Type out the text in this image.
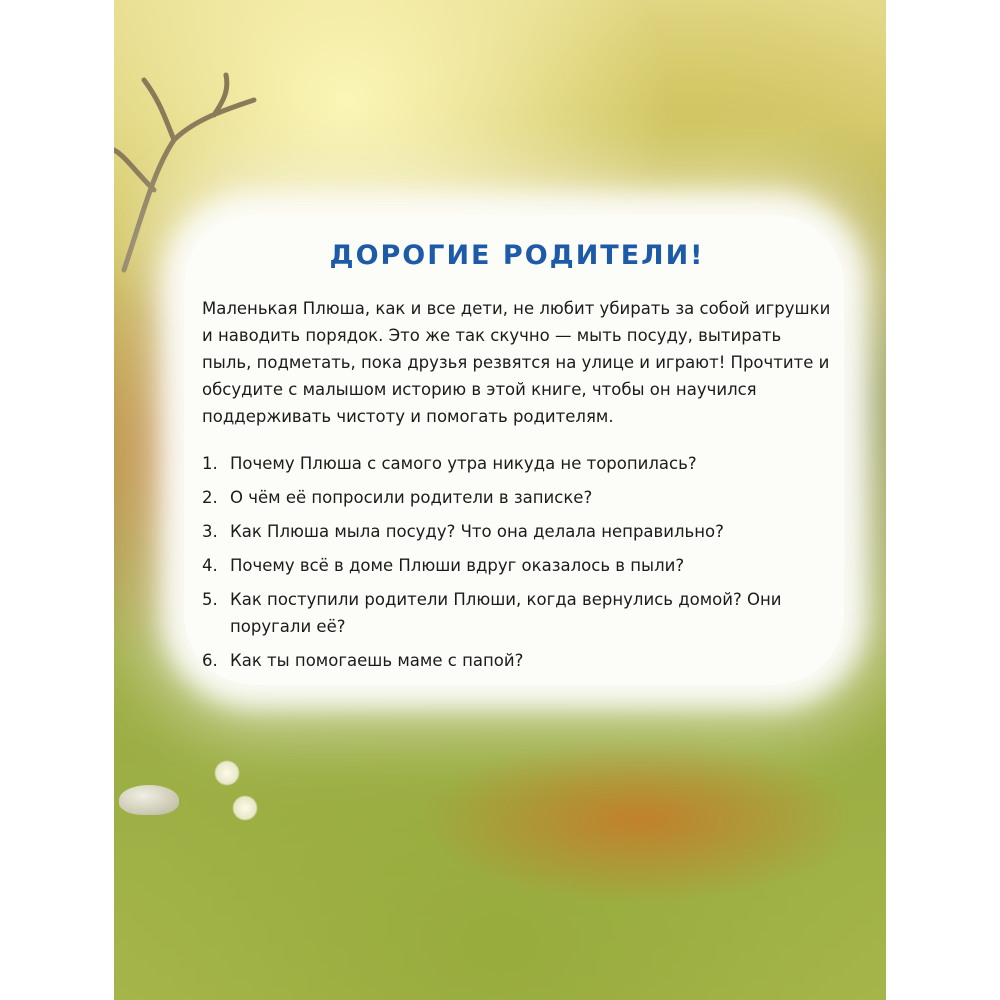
ДОРОГИЕ РОДИТЕЛИ!

Маленькая Плюша, как и все дети, не любит убирать за собой игрушки и наводить порядок. Это же так скучно — мыть посуду, вытирать пыль, подметать, пока друзья резвятся на улице и играют! Прочтите и обсудите с малышом историю в этой книге, чтобы он научился поддерживать чистоту и помогать родителям.

1. Почему Плюша с самого утра никуда не торопилась?
2. О чём её попросили родители в записке?
3. Как Плюша мыла посуду? Что она делала неправильно?
4. Почему всё в доме Плюши вдруг оказалось в пыли?
5. Как поступили родители Плюши, когда вернулись домой? Они поругали её?
6. Как ты помогаешь маме с папой?
